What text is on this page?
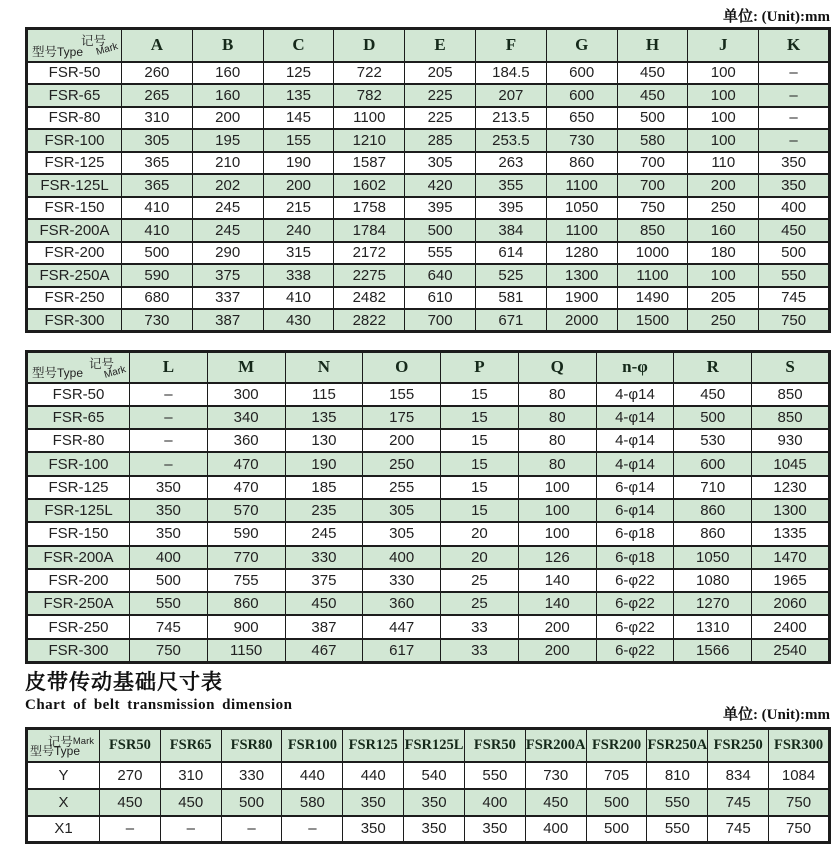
单位: (Unit):mm
记号
Mark
型号Type	A	B	C	D	E	F	G	H	J	K
FSR-50	260	160	125	722	205	184.5	600	450	100	–
FSR-65	265	160	135	782	225	207	600	450	100	–
FSR-80	310	200	145	1100	225	213.5	650	500	100	–
FSR-100	305	195	155	1210	285	253.5	730	580	100	–
FSR-125	365	210	190	1587	305	263	860	700	110	350
FSR-125L	365	202	200	1602	420	355	1100	700	200	350
FSR-150	410	245	215	1758	395	395	1050	750	250	400
FSR-200A	410	245	240	1784	500	384	1100	850	160	450
FSR-200	500	290	315	2172	555	614	1280	1000	180	500
FSR-250A	590	375	338	2275	640	525	1300	1100	100	550
FSR-250	680	337	410	2482	610	581	1900	1490	205	745
FSR-300	730	387	430	2822	700	671	2000	1500	250	750
记号
Mark
型号Type	L	M	N	O	P	Q	n-φ	R	S
FSR-50	–	300	115	155	15	80	4-φ14	450	850
FSR-65	–	340	135	175	15	80	4-φ14	500	850
FSR-80	–	360	130	200	15	80	4-φ14	530	930
FSR-100	–	470	190	250	15	80	4-φ14	600	1045
FSR-125	350	470	185	255	15	100	6-φ14	710	1230
FSR-125L	350	570	235	305	15	100	6-φ14	860	1300
FSR-150	350	590	245	305	20	100	6-φ18	860	1335
FSR-200A	400	770	330	400	20	126	6-φ18	1050	1470
FSR-200	500	755	375	330	25	140	6-φ22	1080	1965
FSR-250A	550	860	450	360	25	140	6-φ22	1270	2060
FSR-250	745	900	387	447	33	200	6-φ22	1310	2400
FSR-300	750	1150	467	617	33	200	6-φ22	1566	2540
皮带传动基础尺寸表
Chart of belt transmission dimension
单位: (Unit):mm
记号Mark
型号Type	FSR50	FSR65	FSR80	FSR100	FSR125	FSR125L	FSR50	FSR200A	FSR200	FSR250A	FSR250	FSR300
Y	270	310	330	440	440	540	550	730	705	810	834	1084
X	450	450	500	580	350	350	400	450	500	550	745	750
X1	–	–	–	–	350	350	350	400	500	550	745	750
